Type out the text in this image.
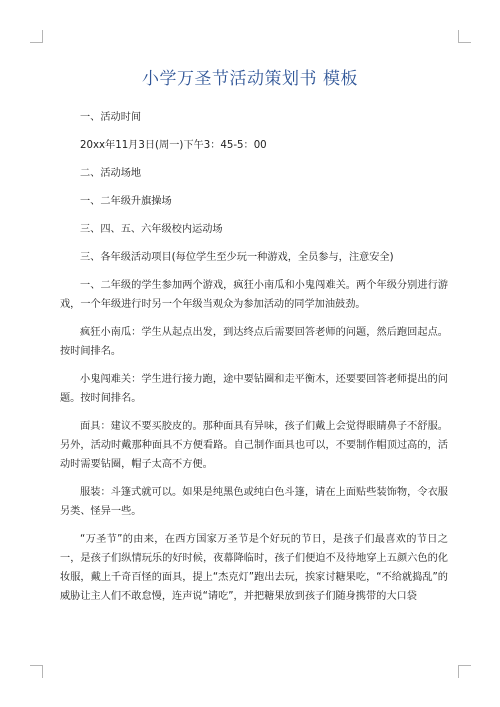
小学万圣节活动策划书 模板

一、活动时间

20xx年11月3日(周一)下午3：45-5：00

二、活动场地

一、二年级升旗操场

三、四、五、六年级校内运动场

三、各年级活动项目(每位学生至少玩一种游戏，全员参与，注意安全)

一、二年级的学生参加两个游戏，疯狂小南瓜和小鬼闯难关。两个年级分别进行游戏，一个年级进行时另一个年级当观众为参加活动的同学加油鼓劲。

疯狂小南瓜：学生从起点出发，到达终点后需要回答老师的问题，然后跑回起点。按时间排名。

小鬼闯难关：学生进行接力跑，途中要钻圈和走平衡木，还要要回答老师提出的问题。按时间排名。

面具：建议不要买胶皮的。那种面具有异味，孩子们戴上会觉得眼睛鼻子不舒服。另外，活动时戴那种面具不方便看路。自己制作面具也可以，不要制作帽顶过高的，活动时需要钻圈，帽子太高不方便。

服装：斗篷式就可以。如果是纯黑色或纯白色斗篷，请在上面贴些装饰物，令衣服另类、怪异一些。

“万圣节”的由来，在西方国家万圣节是个好玩的节日，是孩子们最喜欢的节日之一，是孩子们纵情玩乐的好时候，夜幕降临时，孩子们便迫不及待地穿上五颜六色的化妆服，戴上千奇百怪的面具，提上“杰克灯”跑出去玩，挨家讨糖果吃，“不给就捣乱”的威胁让主人们不敢怠慢，连声说“请吃”，并把糖果放到孩子们随身携带的大口袋
